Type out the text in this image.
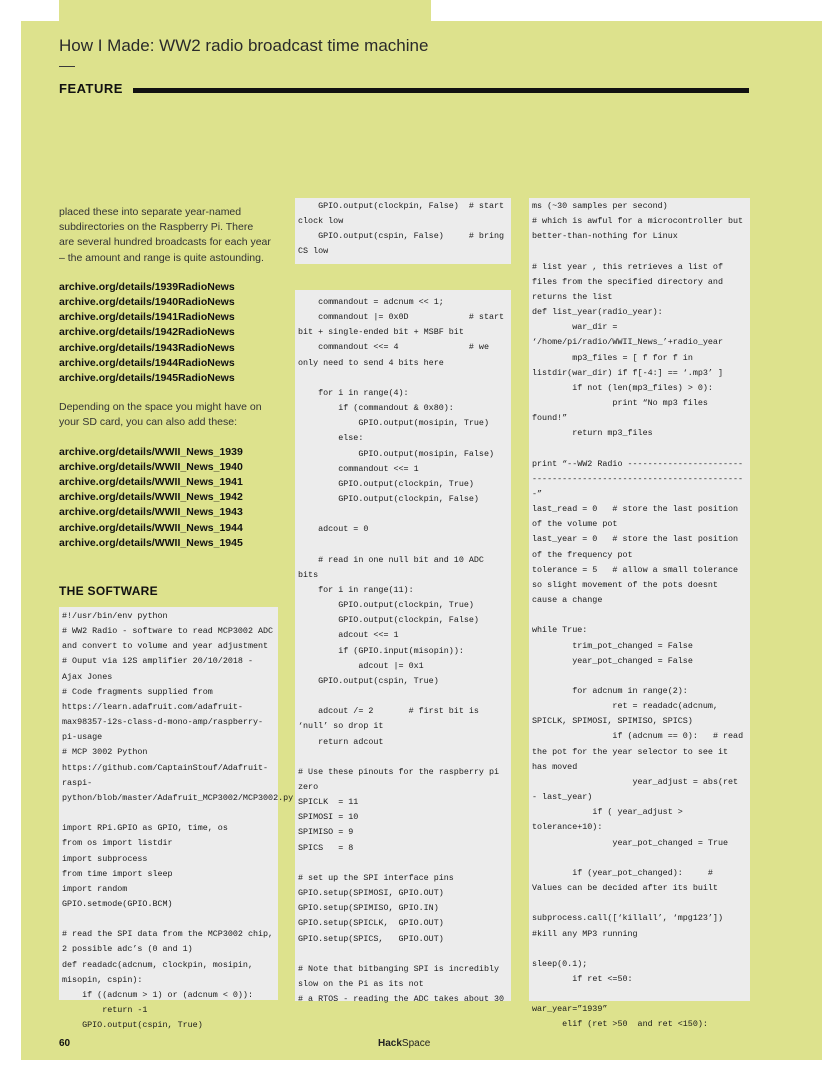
How I Made: WW2 radio broadcast time machine
FEATURE

placed these into separate year-named subdirectories on the Raspberry Pi. There are several hundred broadcasts for each year – the amount and range is quite astounding.

archive.org/details/1939RadioNews
archive.org/details/1940RadioNews
archive.org/details/1941RadioNews
archive.org/details/1942RadioNews
archive.org/details/1943RadioNews
archive.org/details/1944RadioNews
archive.org/details/1945RadioNews

Depending on the space you might have on your SD card, you can also add these:

archive.org/details/WWII_News_1939
archive.org/details/WWII_News_1940
archive.org/details/WWII_News_1941
archive.org/details/WWII_News_1942
archive.org/details/WWII_News_1943
archive.org/details/WWII_News_1944
archive.org/details/WWII_News_1945
THE SOFTWARE
#!/usr/bin/env python
# WW2 Radio - software to read MCP3002 ADC and convert to volume and year adjustment
# Ouput via i2S amplifier 20/10/2018 - Ajax Jones
# Code fragments supplied from https://learn.adafruit.com/adafruit-max98357-i2s-class-d-mono-amp/raspberry-pi-usage
# MCP 3002 Python https://github.com/CaptainStouf/Adafruit-raspi-python/blob/master/Adafruit_MCP3002/MCP3002.py

import RPi.GPIO as GPIO, time, os
from os import listdir
import subprocess
from time import sleep
import random
GPIO.setmode(GPIO.BCM)

# read the SPI data from the MCP3002 chip, 2 possible adc’s (0 and 1)
def readadc(adcnum, clockpin, mosipin, misopin, cspin):
if ((adcnum > 1) or (adcnum < 0)):
return -1
GPIO.output(cspin, True)
GPIO.output(clockpin, False)  # start clock low
GPIO.output(cspin, False)     # bring CS low
commandout = adcnum << 1;
commandout |= 0x0D            # start bit + single-ended bit + MSBF bit
commandout <<= 4              # we only need to send 4 bits here

for i in range(4):
if (commandout & 0x80):
GPIO.output(mosipin, True)
else:
GPIO.output(mosipin, False)
commandout <<= 1
GPIO.output(clockpin, True)
GPIO.output(clockpin, False)

adcout = 0

# read in one null bit and 10 ADC bits
for i in range(11):
GPIO.output(clockpin, True)
GPIO.output(clockpin, False)
adcout <<= 1
if (GPIO.input(misopin)):
adcout |= 0x1
GPIO.output(cspin, True)

adcout /= 2       # first bit is ‘null’ so drop it
return adcout

# Use these pinouts for the raspberry pi zero
SPICLK  = 11
SPIMOSI = 10
SPIMISO = 9
SPICS   = 8

# set up the SPI interface pins
GPIO.setup(SPIMOSI, GPIO.OUT)
GPIO.setup(SPIMISO, GPIO.IN)
GPIO.setup(SPICLK,  GPIO.OUT)
GPIO.setup(SPICS,   GPIO.OUT)

# Note that bitbanging SPI is incredibly slow on the Pi as its not
# a RTOS - reading the ADC takes about 30
ms (~30 samples per second)
# which is awful for a microcontroller but better-than-nothing for Linux

# list year , this retrieves a list of files from the specified directory and returns the list
def list_year(radio_year):
war_dir = ‘/home/pi/radio/WWII_News_’+radio_year
mp3_files = [ f for f in listdir(war_dir) if f[-4:] == ‘.mp3’ ]
if not (len(mp3_files) > 0):
print “No mp3 files found!”
return mp3_files

print “--WW2 Radio ------------------------------------------------------------------”
last_read = 0   # store the last position of the volume pot
last_year = 0   # store the last position of the frequency pot
tolerance = 5   # allow a small tolerance so slight movement of the pots doesnt cause a change

while True:
trim_pot_changed = False
year_pot_changed = False

for adcnum in range(2):
ret = readadc(adcnum, SPICLK, SPIMOSI, SPIMISO, SPICS)
if (adcnum == 0):   # read the pot for the year selector to see it has moved
year_adjust = abs(ret - last_year)
if ( year_adjust > tolerance+10):
year_pot_changed = True

if (year_pot_changed):     # Values can be decided after its built

subprocess.call([‘killall’, ‘mpg123’])
#kill any MP3 running

sleep(0.1);
if ret <=50:

war_year=”1939”
elif (ret >50  and ret <150):
60	HackSpace
